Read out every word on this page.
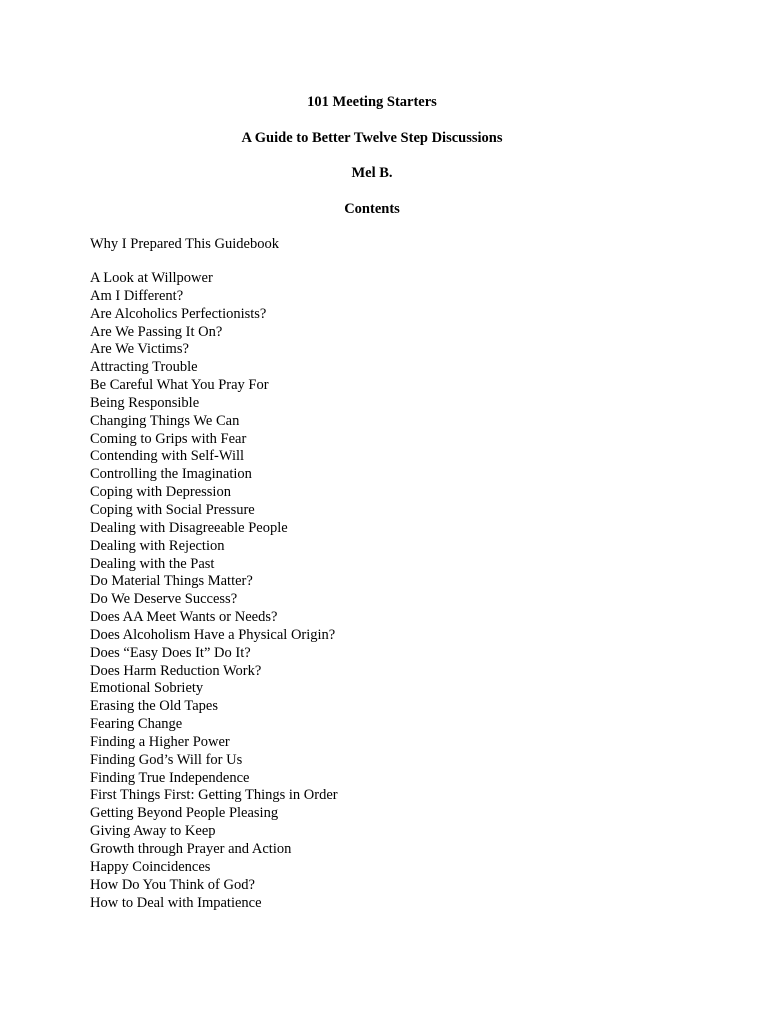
101 Meeting Starters
A Guide to Better Twelve Step Discussions
Mel B.
Contents
Why I Prepared This Guidebook
A Look at Willpower
Am I Different?
Are Alcoholics Perfectionists?
Are We Passing It On?
Are We Victims?
Attracting Trouble
Be Careful What You Pray For
Being Responsible
Changing Things We Can
Coming to Grips with Fear
Contending with Self-Will
Controlling the Imagination
Coping with Depression
Coping with Social Pressure
Dealing with Disagreeable People
Dealing with Rejection
Dealing with the Past
Do Material Things Matter?
Do We Deserve Success?
Does AA Meet Wants or Needs?
Does Alcoholism Have a Physical Origin?
Does “Easy Does It” Do It?
Does Harm Reduction Work?
Emotional Sobriety
Erasing the Old Tapes
Fearing Change
Finding a Higher Power
Finding God’s Will for Us
Finding True Independence
First Things First: Getting Things in Order
Getting Beyond People Pleasing
Giving Away to Keep
Growth through Prayer and Action
Happy Coincidences
How Do You Think of God?
How to Deal with Impatience
